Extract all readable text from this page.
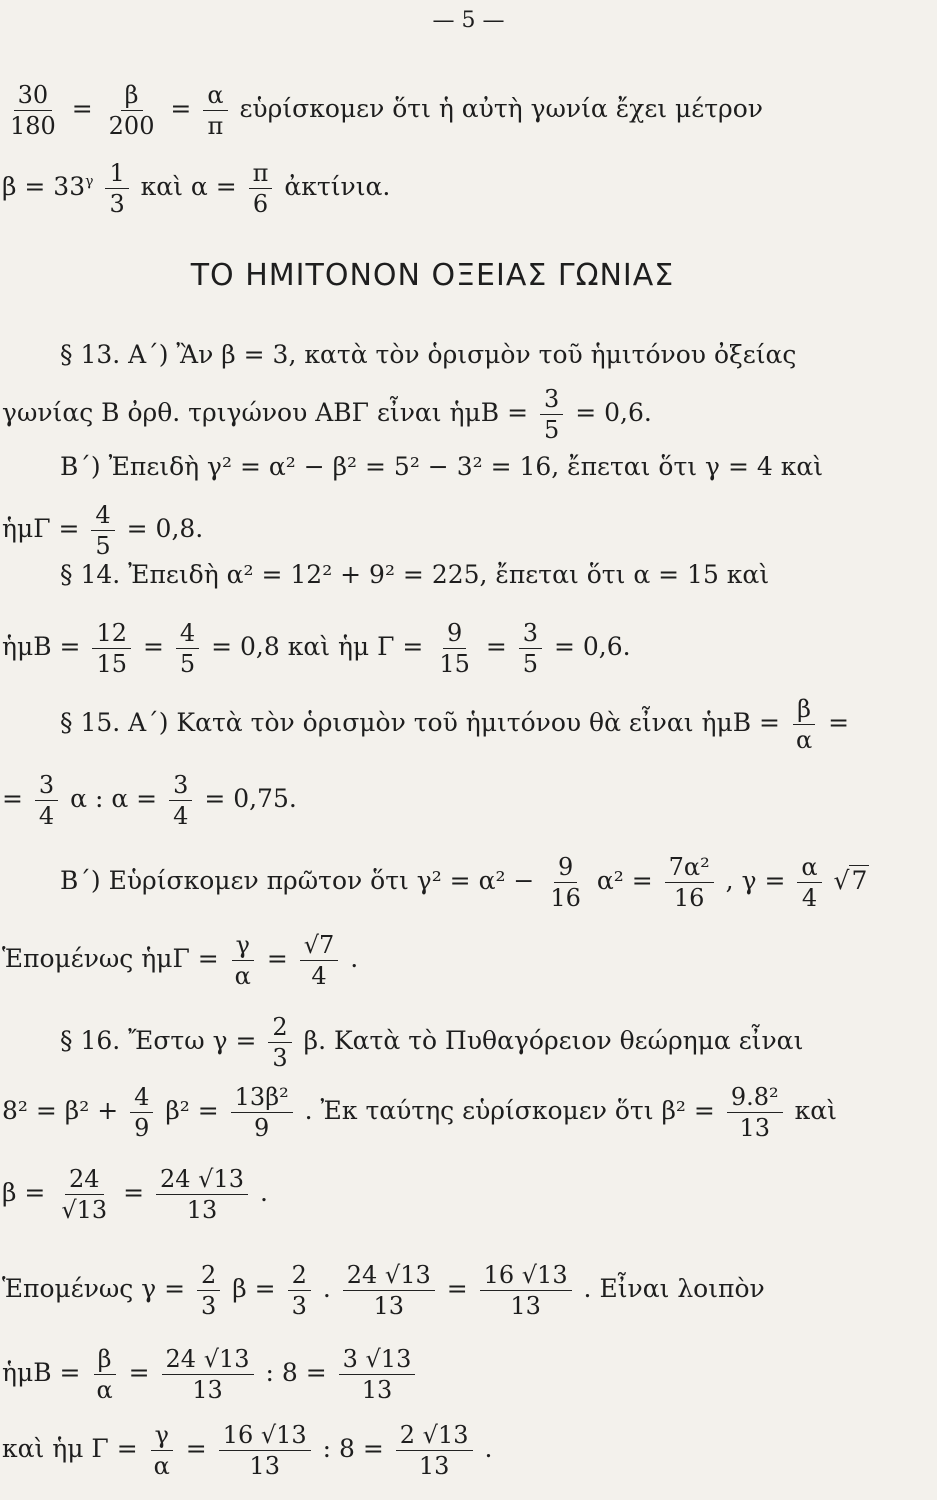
— 5 —
$\frac{30}{180} = \frac{\beta}{200} = \frac{\alpha}{\pi}$ εὑρίσκομεν ὅτι ἡ αὐτὴ γωνία ἔχει μέτρον
$\beta = 33^\gamma \frac{1}{3}$ καὶ $\alpha = \frac{\pi}{6}$ ἀκτίνια.
ΤΟ ΗΜΙΤΟΝΟΝ ΟΞΕΙΑΣ ΓΩΝΙΑΣ
§ 13. Α΄) Ἂν β = 3, κατὰ τὸν ὁρισμὸν τοῦ ἡμιτόνου ὀξείας
γωνίας Β ὀρθ. τριγώνου ΑΒΓ εἶναι ἡμΒ = $\frac{3}{5} = 0,6$.
Β΄) Ἐπειδὴ γ² = α² − β² = 5² − 3² = 16, ἔπεται ὅτι γ = 4 καὶ
ἡμΓ = $\frac{4}{5} = 0,8$.
§ 14. Ἐπειδὴ α² = 12² + 9² = 225, ἔπεται ὅτι α = 15 καὶ
ἡμΒ = $\frac{12}{15} = \frac{4}{5} = 0,8$ καὶ ἡμ $\Gamma = \frac{9}{15} = \frac{3}{5} = 0,6$.
§ 15. Α΄) Κατὰ τὸν ὁρισμὸν τοῦ ἡμιτόνου θὰ εἶναι ἡμΒ = $\frac{\beta}{\alpha}$ =
= $\frac{3}{4}$ α : $\alpha = \frac{3}{4} = 0,75$.
Β΄) Εὑρίσκομεν πρῶτον ὅτι $\gamma^2 = \alpha^2 - \frac{9}{16} \alpha^2 = \frac{\text{7α²}}{16}$ , $\gamma = \frac{\alpha}{4} √7$
Ἑπομένως ἡμΓ = $\frac{\gamma}{\alpha} = \frac{√7}{4}$ .
§ 16. Ἔστω $\gamma = \frac{2}{3} \beta$. Κατὰ τὸ Πυθαγόρειον θεώρημα εἶναι
$8^2 = \beta^2 + \frac{4}{9} \beta^2 = \frac{\text{13β²}}{9}$ . Ἐκ ταύτης εὑρίσκομεν ὅτι $\beta^2 = \frac{\text{9.8²}}{13}$ καὶ
$\beta = \frac{24}{√13} = \frac{24 √13}{13}$ .
Ἑπομένως $\gamma = \frac{2}{3}$ $\beta = \frac{2}{3}$ . $\frac{24 √13}{13} = \frac{16 √13}{13}$ . Εἶναι λοιπὸν
ἡμΒ = $\frac{\beta}{\alpha} = \frac{24 √13}{13}$ : $8 = \frac{3 √13}{13}$
καὶ ἡμ $\Gamma = \frac{\gamma}{\alpha} = \frac{16 √13}{13}$ : $8 = \frac{2 √13}{13}$ .
